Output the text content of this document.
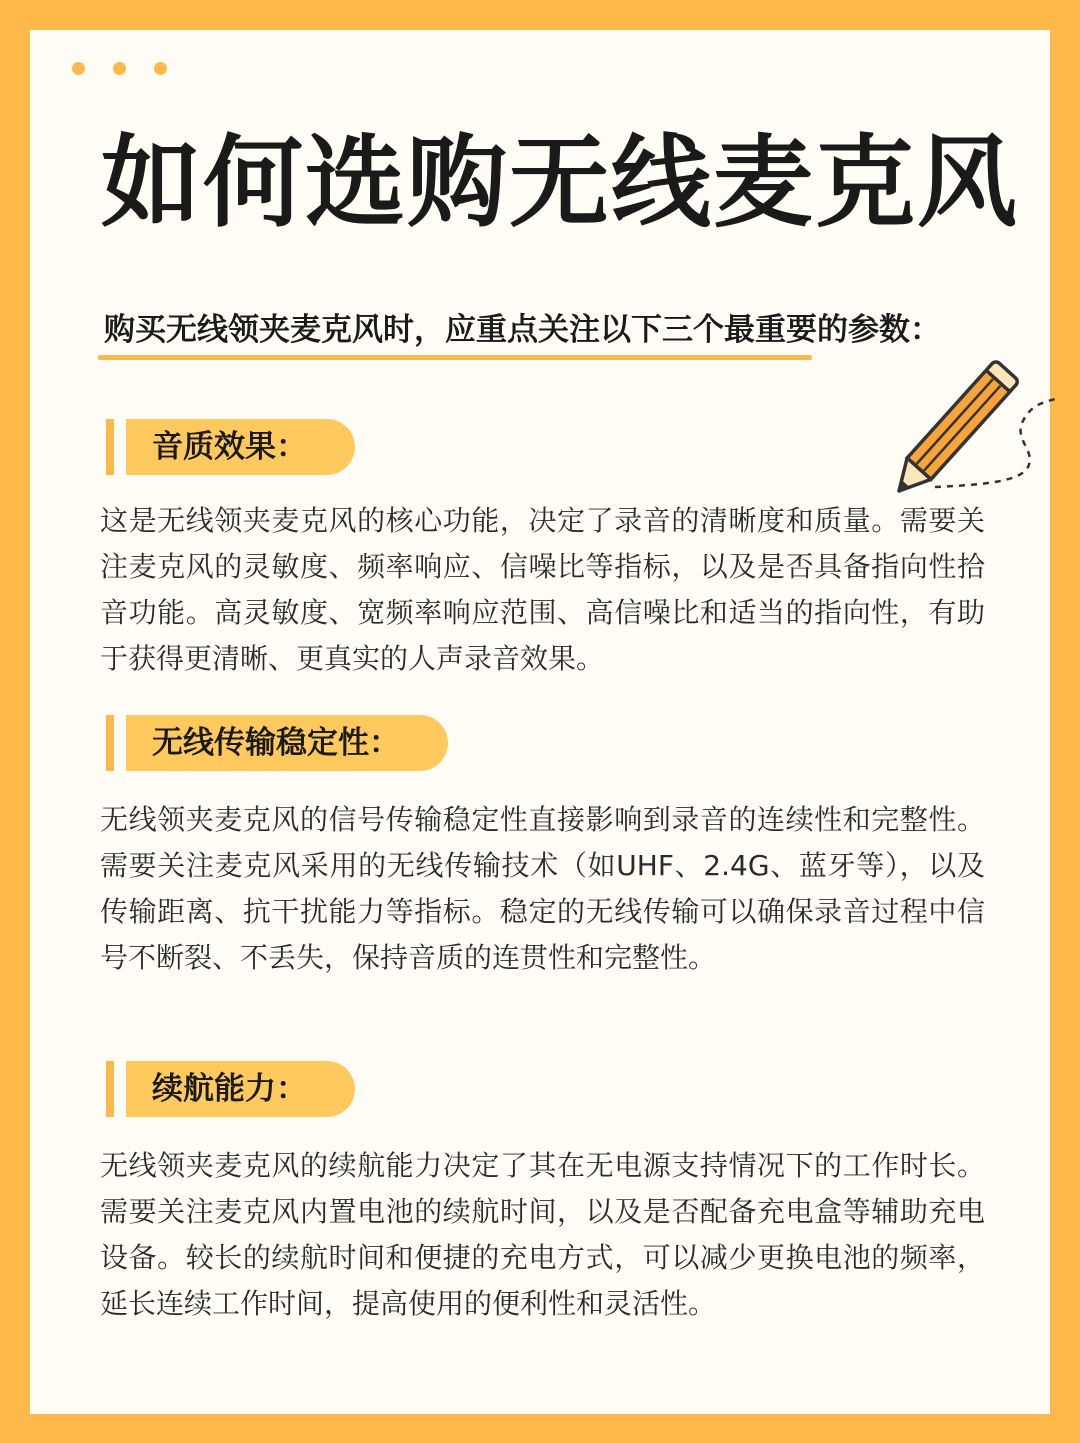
如何选购无线麦克风
购买无线领夹麦克风时，应重点关注以下三个最重要的参数：
音质效果：

这是无线领夹麦克风的核心功能，决定了录音的清晰度和质量。需要关注麦克风的灵敏度、频率响应、信噪比等指标，以及是否具备指向性拾音功能。高灵敏度、宽频率响应范围、高信噪比和适当的指向性，有助于获得更清晰、更真实的人声录音效果。

无线传输稳定性：

无线领夹麦克风的信号传输稳定性直接影响到录音的连续性和完整性。需要关注麦克风采用的无线传输技术（如UHF、2.4G、蓝牙等），以及传输距离、抗干扰能力等指标。稳定的无线传输可以确保录音过程中信号不断裂、不丢失，保持音质的连贯性和完整性。

续航能力：

无线领夹麦克风的续航能力决定了其在无电源支持情况下的工作时长。需要关注麦克风内置电池的续航时间，以及是否配备充电盒等辅助充电设备。较长的续航时间和便捷的充电方式，可以减少更换电池的频率，延长连续工作时间，提高使用的便利性和灵活性。
